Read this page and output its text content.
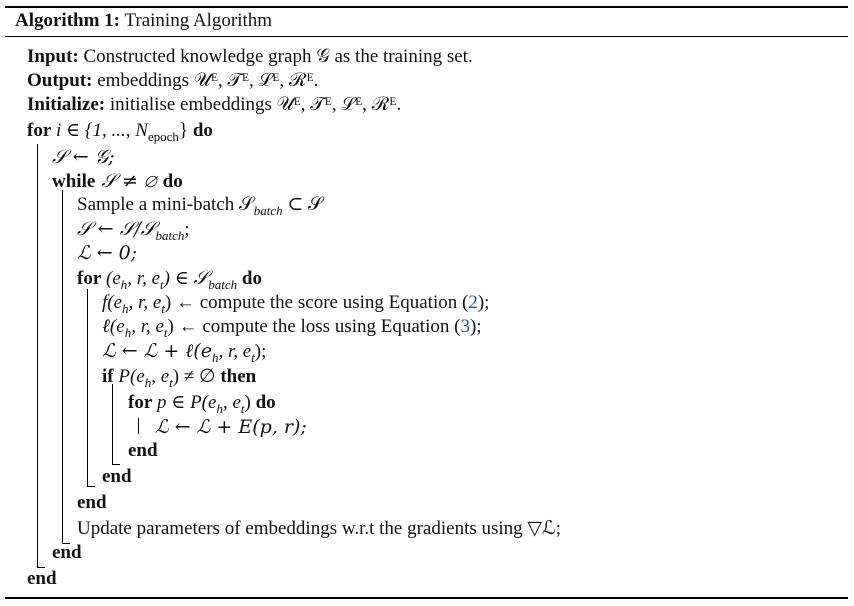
Algorithm 1: Training Algorithm
Input: Constructed knowledge graph 𝒢 as the training set.
Output: embeddings 𝒰ᴱ, 𝒯ᴱ, ℒᴱ, ℛᴱ.
Initialize: initialise embeddings 𝒰ᴱ, 𝒯ᴱ, ℒᴱ, ℛᴱ.
for i ∈ {1, ..., $N_{epoch}$} do
𝒮 ← 𝒢;
while 𝒮 ≠ ∅ do
Sample a mini-batch 𝒮$_{batch}$ ⊂ 𝒮
𝒮 ← 𝒮/𝒮$_{batch}$;
ℒ ← 0;
for ($e_h$, r, $e_t$) ∈ 𝒮$_{batch}$ do
$f(e_h$, r, $e_t$) ← compute the score using Equation (2);
$\ell(e_h$, r, $e_t$) ← compute the loss using Equation (3);
ℒ ← ℒ + $\ell(e_h$, r, $e_t$);
if $P(e_h$, $e_t$) ≠ ∅ then
for p ∈ $P(e_h$, $e_t$) do
ℒ ← ℒ + E(p, r);
end
end
end
Update parameters of embeddings w.r.t the gradients using ▽ℒ;
end
end
